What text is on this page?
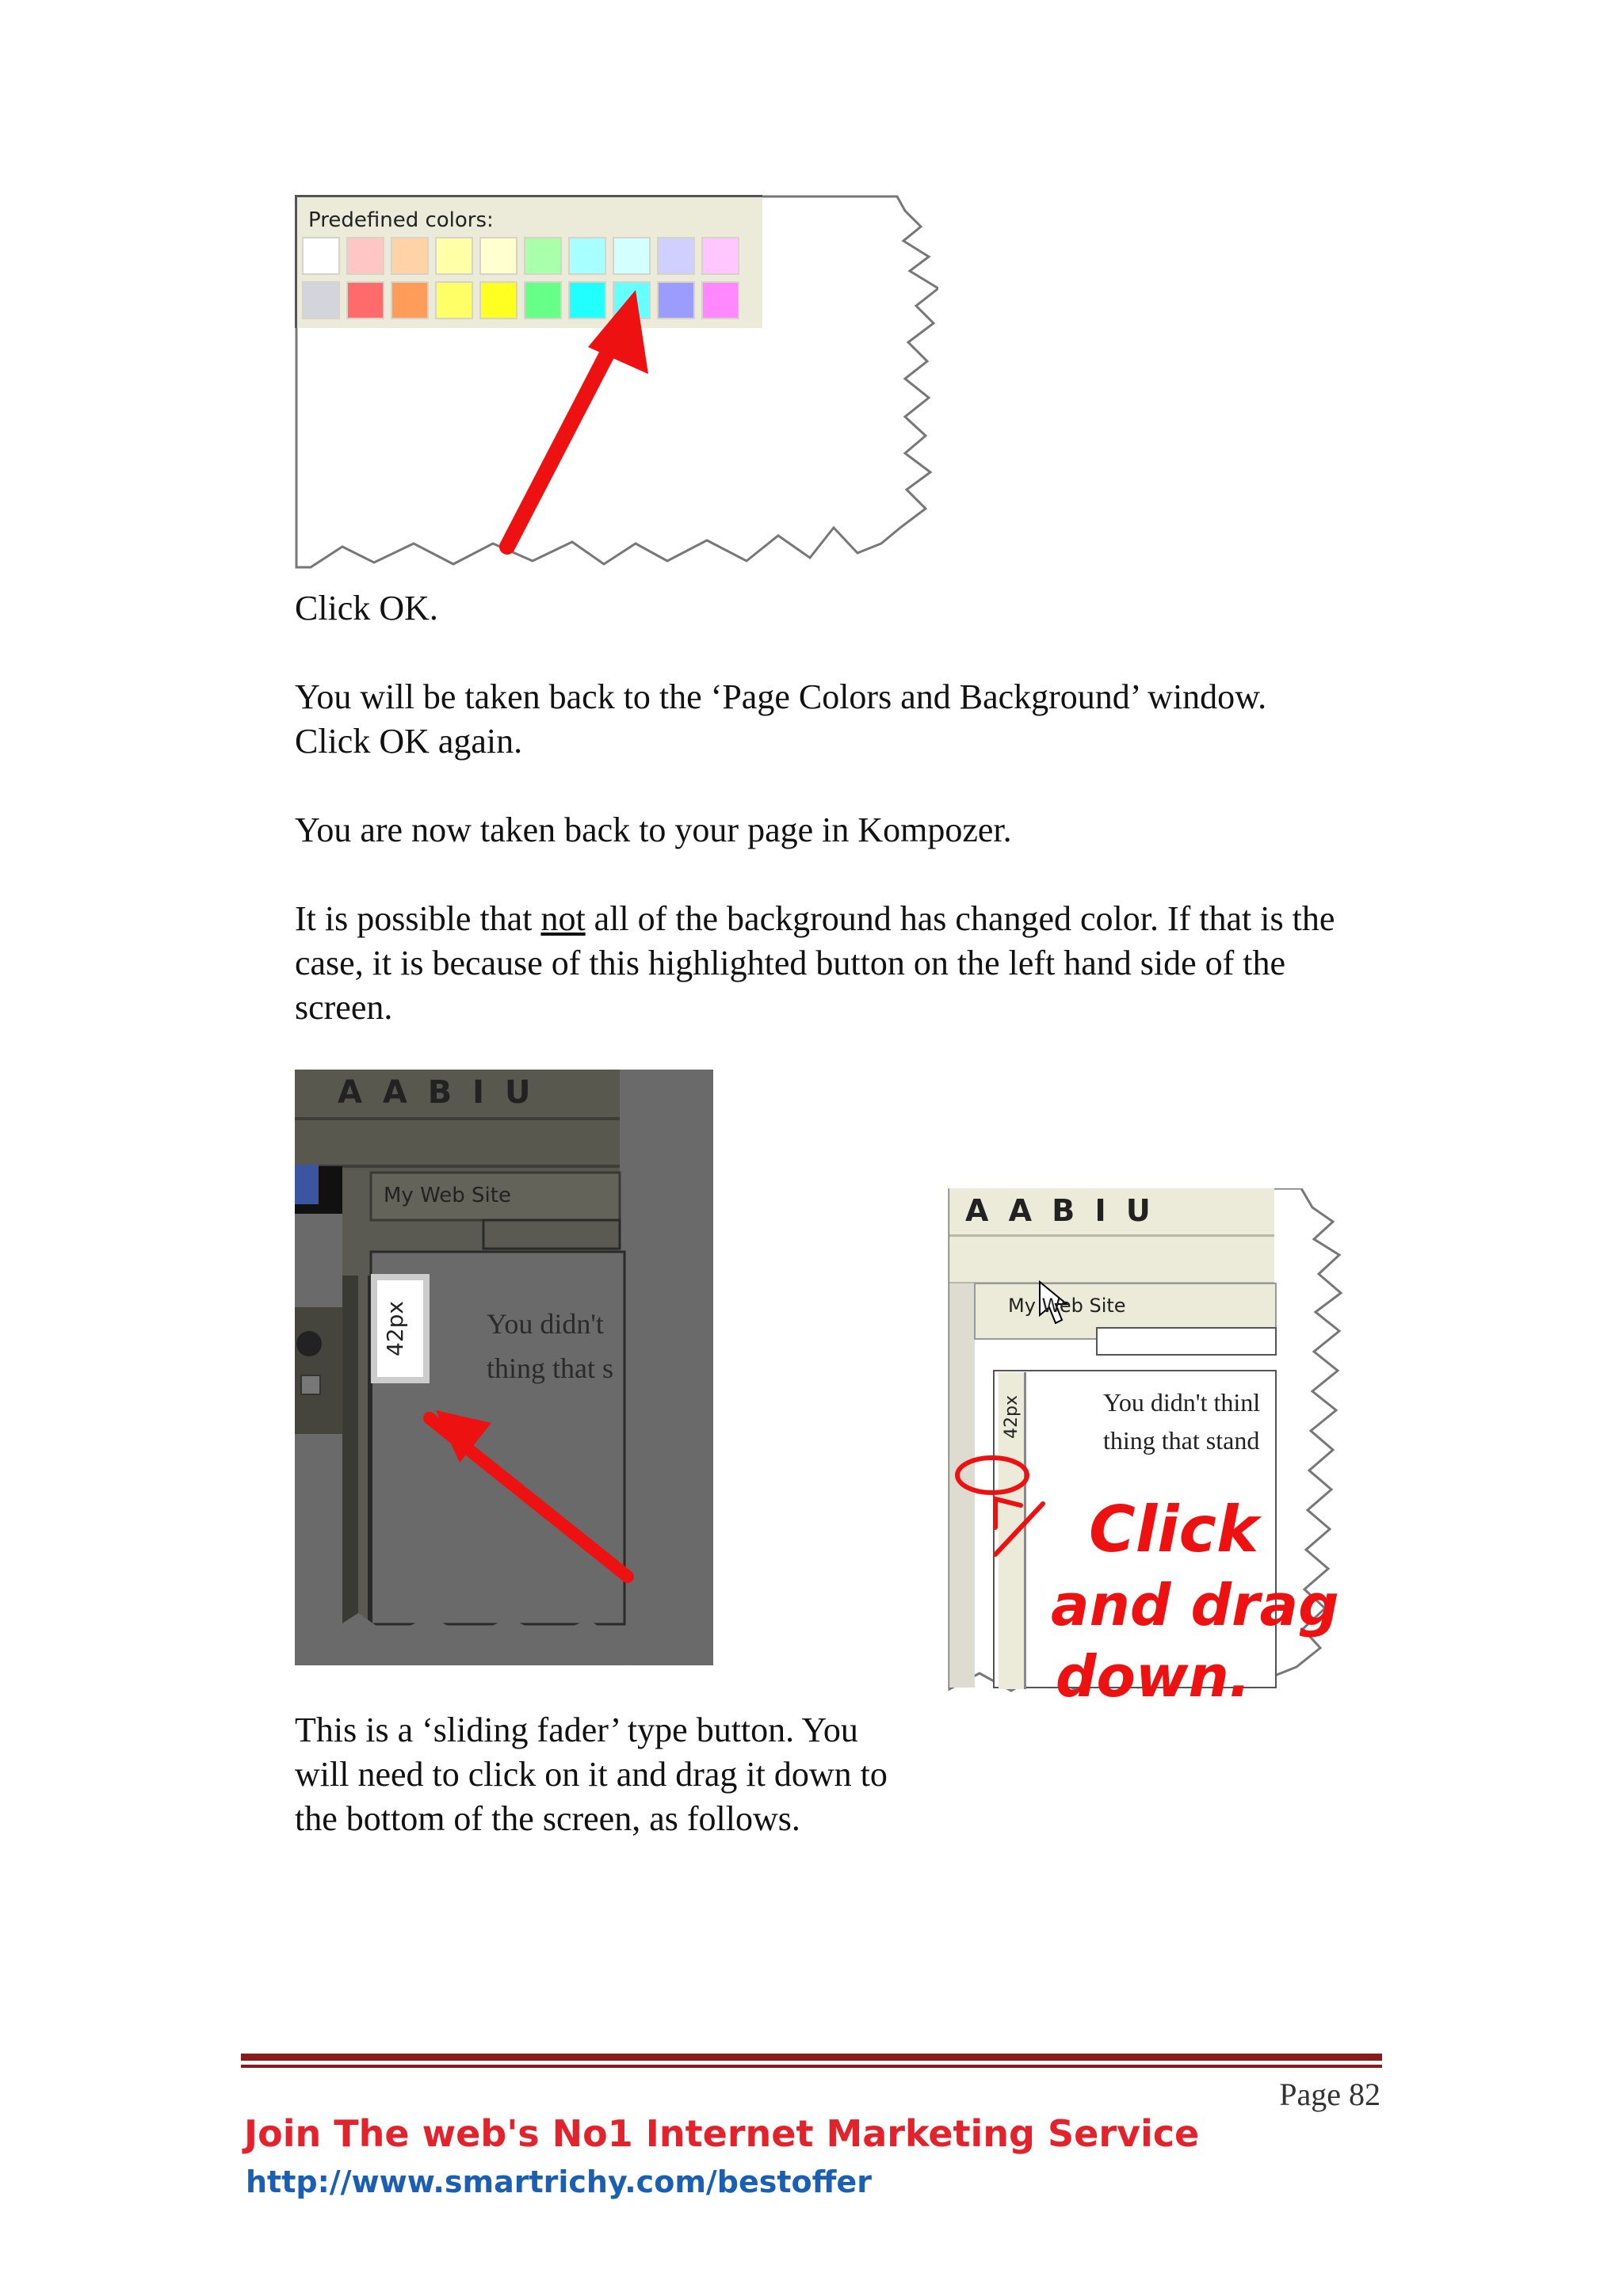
Predefined colors:
Click OK.
You will be taken back to the ‘Page Colors and Background’ window.
Click OK again.
You are now taken back to your page in Kompozer.
It is possible that not all of the background has changed color. If that is the case, it is because of this highlighted button on the left hand side of the screen.
A A B I U
My Web Site
42px	You didn't
thing that s
A A B I U
My Web Site
42px	You didn't thinl
thing that stand
Click
and drag
down.
This is a ‘sliding fader’ type button. You will need to click on it and drag it down to the bottom of the screen, as follows.
Page 82
Join The web's No1 Internet Marketing Service
http://www.smartrichy.com/bestoffer
